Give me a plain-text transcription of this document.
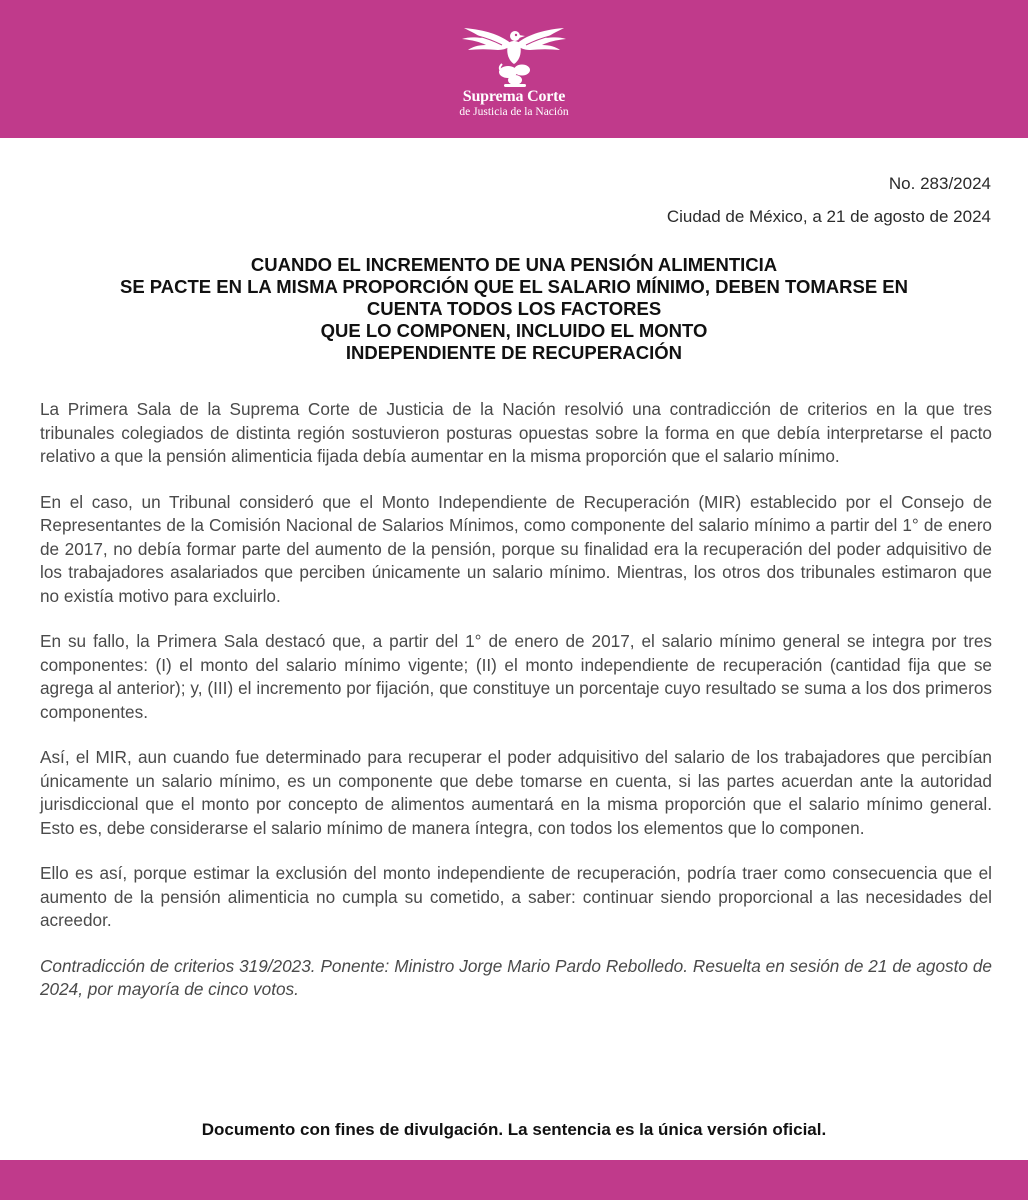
Suprema Corte
de Justicia de la Nación
No. 283/2024
Ciudad de México, a 21 de agosto de 2024
CUANDO EL INCREMENTO DE UNA PENSIÓN ALIMENTICIA
SE PACTE EN LA MISMA PROPORCIÓN QUE EL SALARIO MÍNIMO, DEBEN TOMARSE EN
CUENTA TODOS LOS FACTORES
QUE LO COMPONEN, INCLUIDO EL MONTO
INDEPENDIENTE DE RECUPERACIÓN

La Primera Sala de la Suprema Corte de Justicia de la Nación resolvió una contradicción de criterios en la que tres tribunales colegiados de distinta región sostuvieron posturas opuestas sobre la forma en que debía interpretarse el pacto relativo a que la pensión alimenticia fijada debía aumentar en la misma proporción que el salario mínimo.

En el caso, un Tribunal consideró que el Monto Independiente de Recuperación (MIR) establecido por el Consejo de Representantes de la Comisión Nacional de Salarios Mínimos, como componente del salario mínimo a partir del 1° de enero de 2017, no debía formar parte del aumento de la pensión, porque su finalidad era la recuperación del poder adquisitivo de los trabajadores asalariados que perciben únicamente un salario mínimo. Mientras, los otros dos tribunales estimaron que no existía motivo para excluirlo.

En su fallo, la Primera Sala destacó que, a partir del 1° de enero de 2017, el salario mínimo general se integra por tres componentes: (I) el monto del salario mínimo vigente; (II) el monto independiente de recuperación (cantidad fija que se agrega al anterior); y, (III) el incremento por fijación, que constituye un porcentaje cuyo resultado se suma a los dos primeros componentes.

Así, el MIR, aun cuando fue determinado para recuperar el poder adquisitivo del salario de los trabajadores que percibían únicamente un salario mínimo, es un componente que debe tomarse en cuenta, si las partes acuerdan ante la autoridad jurisdiccional que el monto por concepto de alimentos aumentará en la misma proporción que el salario mínimo general. Esto es, debe considerarse el salario mínimo de manera íntegra, con todos los elementos que lo componen.

Ello es así, porque estimar la exclusión del monto independiente de recuperación, podría traer como consecuencia que el aumento de la pensión alimenticia no cumpla su cometido, a saber: continuar siendo proporcional a las necesidades del acreedor.

Contradicción de criterios 319/2023. Ponente: Ministro Jorge Mario Pardo Rebolledo. Resuelta en sesión de 21 de agosto de 2024, por mayoría de cinco votos.

Documento con fines de divulgación. La sentencia es la única versión oficial.
